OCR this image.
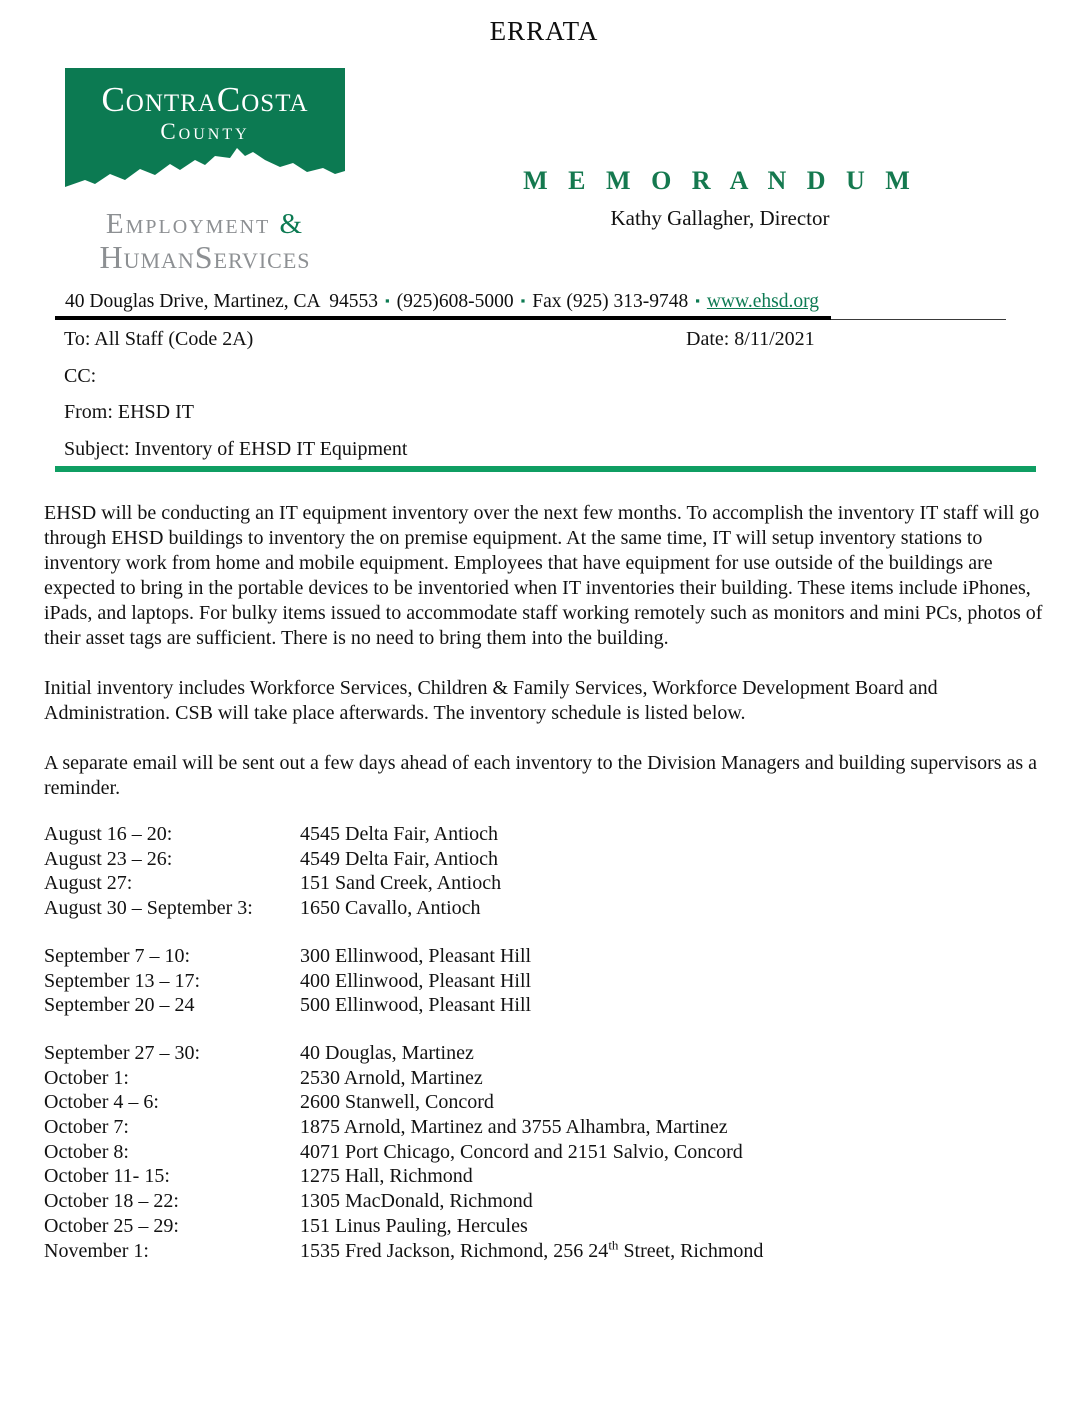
ERRATA
ContraCosta
County
Employment &
HumanServices
M E M O R A N D U M
Kathy Gallagher, Director
40 Douglas Drive, Martinez, CA  94553 ▪ (925)608-5000 ▪ Fax (925) 313-9748 ▪ www.ehsd.org
To: All Staff (Code 2A)	Date: 8/11/2021
CC:
From: EHSD IT
Subject: Inventory of EHSD IT Equipment

EHSD will be conducting an IT equipment inventory over the next few months. To accomplish the inventory IT staff will go through EHSD buildings to inventory the on premise equipment. At the same time, IT will setup inventory stations to inventory work from home and mobile equipment. Employees that have equipment for use outside of the buildings are expected to bring in the portable devices to be inventoried when IT inventories their building. These items include iPhones, iPads, and laptops. For bulky items issued to accommodate staff working remotely such as monitors and mini PCs, photos of their asset tags are sufficient. There is no need to bring them into the building.

Initial inventory includes Workforce Services, Children & Family Services, Workforce Development Board and Administration. CSB will take place afterwards. The inventory schedule is listed below.

A separate email will be sent out a few days ahead of each inventory to the Division Managers and building supervisors as a reminder.

August 16 – 20:	4545 Delta Fair, Antioch
August 23 – 26:	4549 Delta Fair, Antioch
August 27:	151 Sand Creek, Antioch
August 30 – September 3:	1650 Cavallo, Antioch
September 7 – 10:	300 Ellinwood, Pleasant Hill
September 13 – 17:	400 Ellinwood, Pleasant Hill
September 20 – 24	500 Ellinwood, Pleasant Hill
September 27 – 30:	40 Douglas, Martinez
October 1:	2530 Arnold, Martinez
October 4 – 6:	2600 Stanwell, Concord
October 7:	1875 Arnold, Martinez and 3755 Alhambra, Martinez
October 8:	4071 Port Chicago, Concord and 2151 Salvio, Concord
October 11- 15:	1275 Hall, Richmond
October 18 – 22:	1305 MacDonald, Richmond
October 25 – 29:	151 Linus Pauling, Hercules
November 1:	1535 Fred Jackson, Richmond, 256 24th Street, Richmond
